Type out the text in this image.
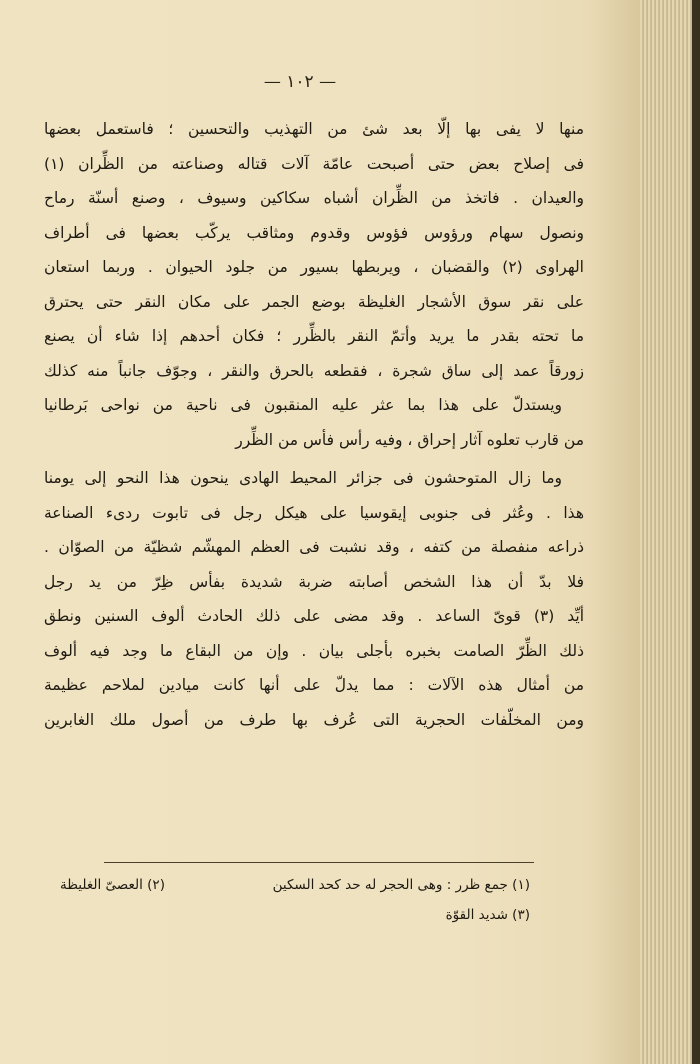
— ١٠٢ —
منها لا يفى بها إلّا بعد شئ من التهذيب والتحسين ؛ فاستعمل بعضها
فى إصلاح بعض حتى أصبحت عامّة آلات قتاله وصناعته من الظِّران (١)
والعيدان . فاتخذ من الظِّران أشباه سكاكين وسيوف ، وصنع أسنّة رماح
ونصول سهام ورؤوس فؤوس وقدوم ومثاقب يركّب بعضها فى أطراف
الهراوى (٢) والقضبان ، ويربطها بسيور من جلود الحيوان . وربما استعان
على نقر سوق الأشجار الغليظة بوضع الجمر على مكان النقر حتى يحترق
ما تحته بقدر ما يريد وأتمّ النقر بالظِّرر ؛ فكان أحدهم إذا شاء أن يصنع
زورقاً عمد إلى ساق شجرة ، فقطعه بالحرق والنقر ، وجوّف جانباً منه كذلك
ويستدلّ على هذا بما عثر عليه المنقبون فى ناحية من نواحى بَرطانيا
من قارب تعلوه آثار إحراق ، وفيه رأس فأس من الظِّرر
وما زال المتوحشون فى جزائر المحيط الهادى ينحون هذا النحو إلى يومنا
هذا . وعُثر فى جنوبى إيقوسيا على هيكل رجل فى تابوت ردىء الصناعة
ذراعه منفصلة من كتفه ، وقد نشبت فى العظم المهشّم شظيّة من الصوّان .
فلا بدّ أن هذا الشخص أصابته ضربة شديدة بفأس ظِرّ من يد رجل
أيِّد (٣) قوىّ الساعد . وقد مضى على ذلك الحادث ألوف السنين ونطق
ذلك الظِّرّ الصامت بخبره بأجلى بيان . وإن من البقاع ما وجد فيه ألوف
من أمثال هذه الآلات : مما يدلّ على أنها كانت ميادين لملاحم عظيمة
ومن المخلّفات الحجرية التى عُرف بها طرف من أصول ملك الغابرين
(١) جمع ظرر : وهى الحجر له حد كحد السكين
(٢) العصىّ الغليظة
(٣) شديد القوّة
